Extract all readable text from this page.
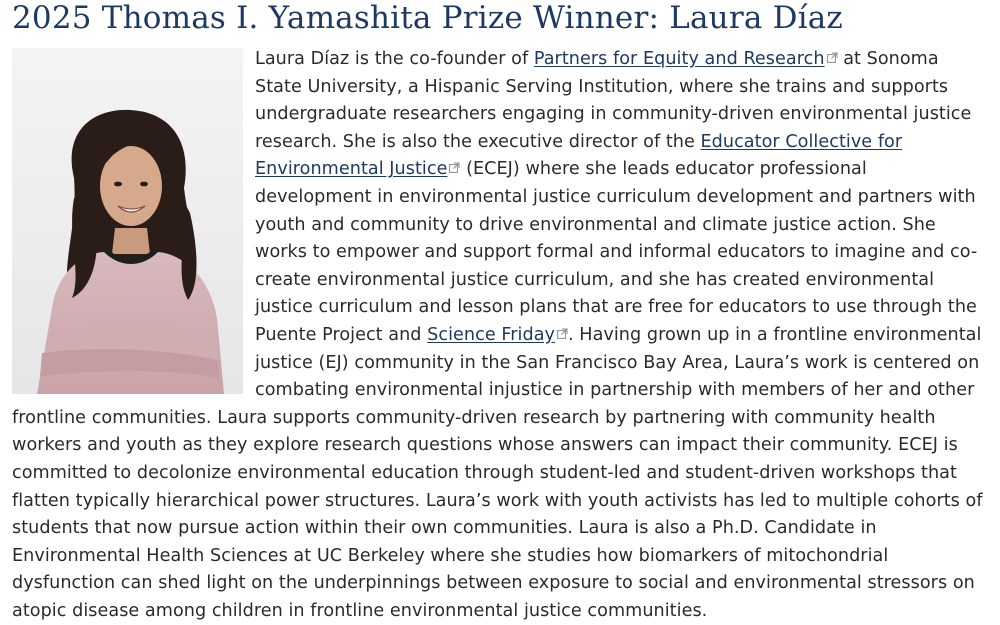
2025 Thomas I. Yamashita Prize Winner: Laura Díaz

Laura Díaz is the co-founder of Partners for Equity and Research at Sonoma State University, a Hispanic Serving Institution, where she trains and supports undergraduate researchers engaging in community-driven environmental justice research. She is also the executive director of the Educator Collective for Environmental Justice (ECEJ) where she leads educator professional development in environmental justice curriculum development and partners with youth and community to drive environmental and climate justice action. She works to empower and support formal and informal educators to imagine and co-create environmental justice curriculum, and she has created environmental justice curriculum and lesson plans that are free for educators to use through the Puente Project and Science Friday . Having grown up in a frontline environmental justice (EJ) community in the San Francisco Bay Area, Laura’s work is centered on combating environmental injustice in partnership with members of her and other frontline communities. Laura supports community-driven research by partnering with community health workers and youth as they explore research questions whose answers can impact their community. ECEJ is committed to decolonize environmental education through student-led and student-driven workshops that flatten typically hierarchical power structures. Laura’s work with youth activists has led to multiple cohorts of students that now pursue action within their own communities. Laura is also a Ph.D. Candidate in Environmental Health Sciences at UC Berkeley where she studies how biomarkers of mitochondrial dysfunction can shed light on the underpinnings between exposure to social and environmental stressors on atopic disease among children in frontline environmental justice communities.
